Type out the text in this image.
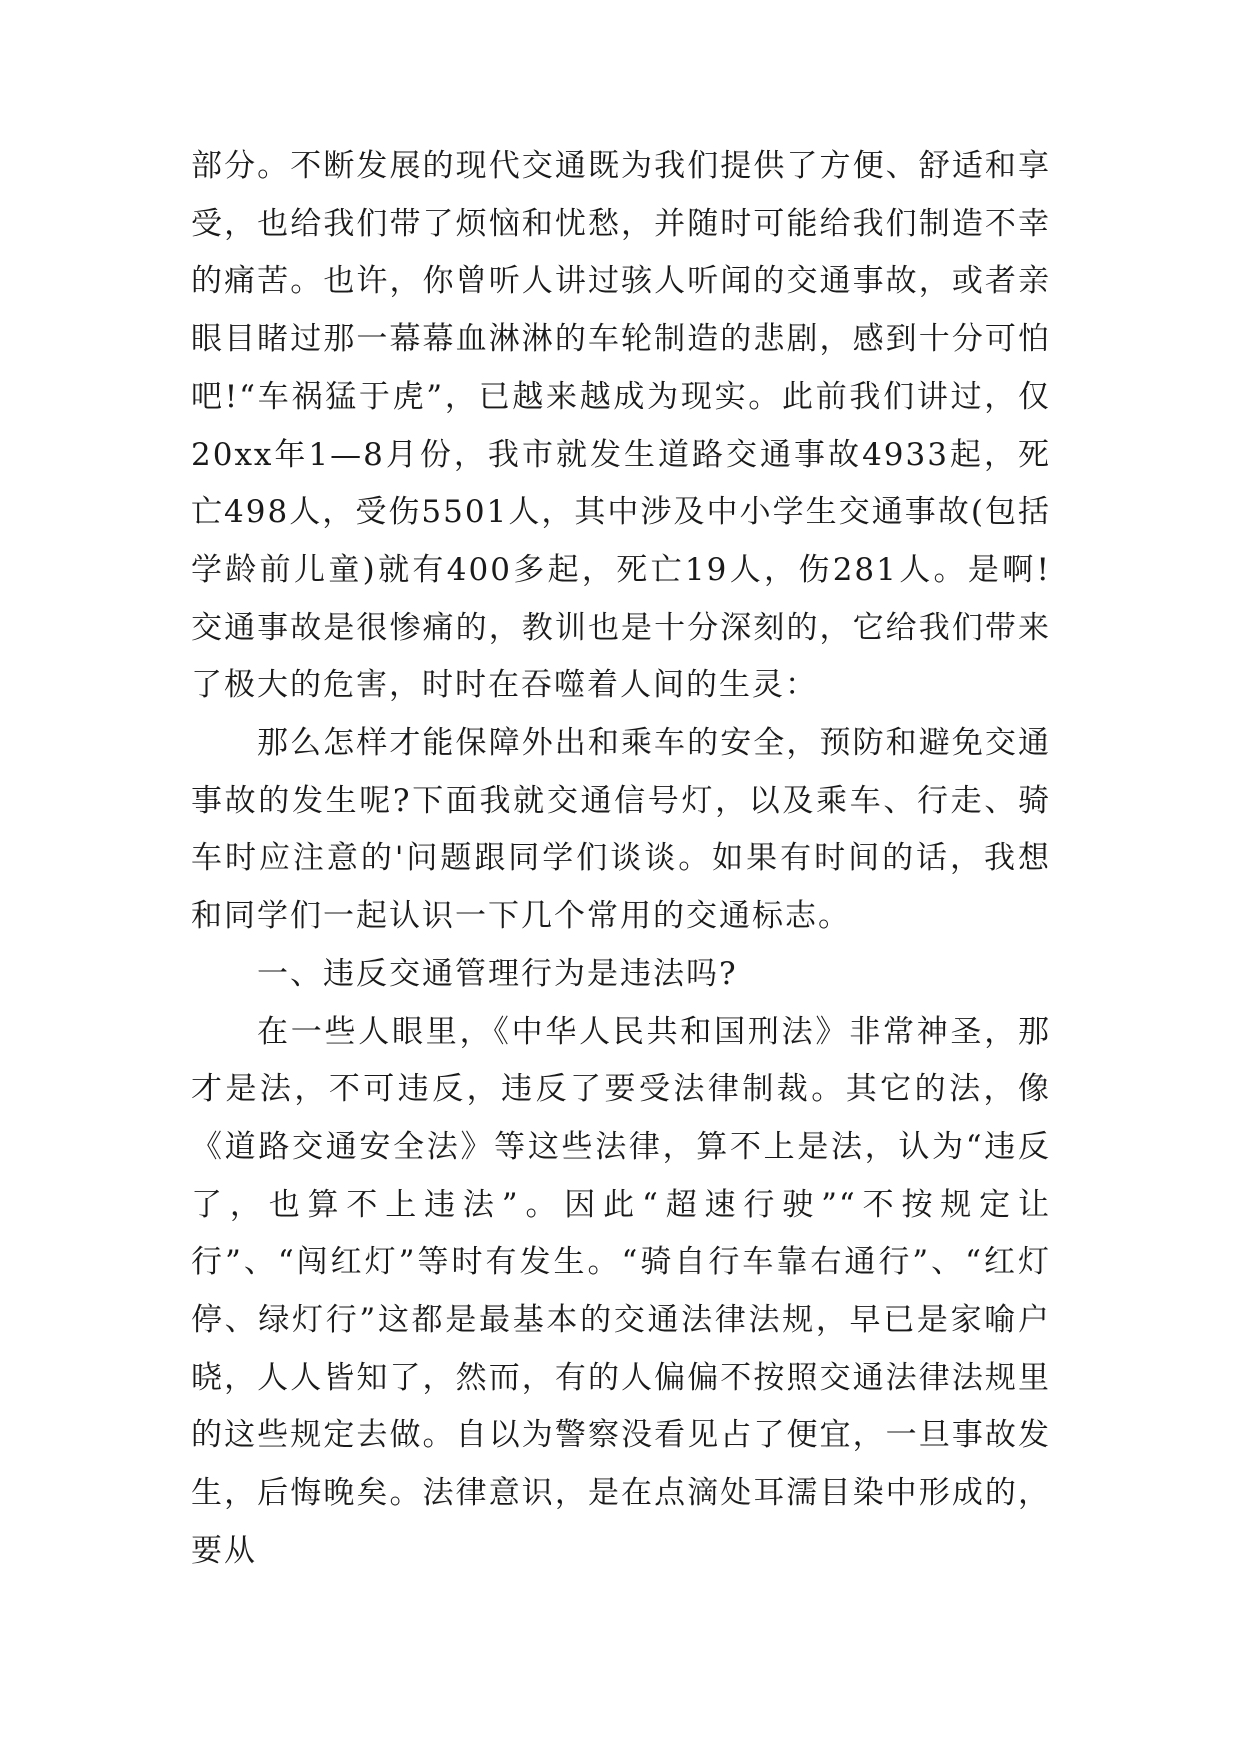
部分。不断发展的现代交通既为我们提供了方便、舒适和享受，也给我们带了烦恼和忧愁，并随时可能给我们制造不幸的痛苦。也许，你曾听人讲过骇人听闻的交通事故，或者亲眼目睹过那一幕幕血淋淋的车轮制造的悲剧，感到十分可怕吧!“车祸猛于虎”，已越来越成为现实。此前我们讲过，仅20xx年1—8月份，我市就发生道路交通事故4933起，死亡498人，受伤5501人，其中涉及中小学生交通事故(包括学龄前儿童)就有400多起，死亡19人，伤281人。是啊!交通事故是很惨痛的，教训也是十分深刻的，它给我们带来了极大的危害，时时在吞噬着人间的生灵：

那么怎样才能保障外出和乘车的安全，预防和避免交通事故的发生呢?下面我就交通信号灯，以及乘车、行走、骑车时应注意的'问题跟同学们谈谈。如果有时间的话，我想和同学们一起认识一下几个常用的交通标志。

一、违反交通管理行为是违法吗?

在一些人眼里，《中华人民共和国刑法》非常神圣，那才是法，不可违反，违反了要受法律制裁。其它的法，像《道路交通安全法》等这些法律，算不上是法，认为“违反了，也算不上违法”。因此“超速行驶”“不按规定让行”、“闯红灯”等时有发生。“骑自行车靠右通行”、“红灯停、绿灯行”这都是最基本的交通法律法规，早已是家喻户晓，人人皆知了，然而，有的人偏偏不按照交通法律法规里的这些规定去做。自以为警察没看见占了便宜，一旦事故发生，后悔晚矣。法律意识，是在点滴处耳濡目染中形成的，要从
